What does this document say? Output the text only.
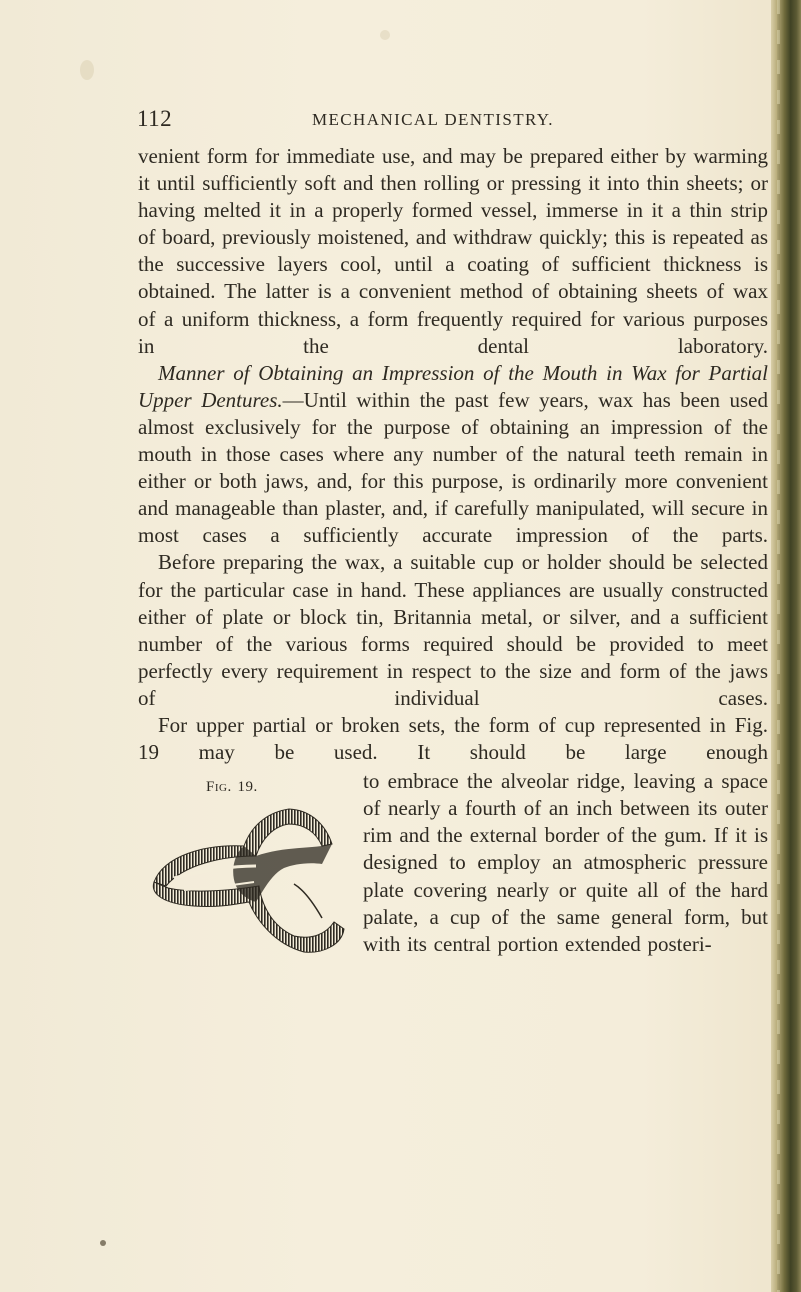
112	MECHANICAL DENTISTRY.

venient form for immediate use, and may be prepared either by warming it until sufficiently soft and then rolling or pressing it into thin sheets; or having melted it in a properly formed vessel, immerse in it a thin strip of board, previously moistened, and withdraw quickly; this is repeated as the successive layers cool, until a coating of sufficient thickness is obtained. The latter is a convenient method of obtaining sheets of wax of a uniform thickness, a form frequently required for various purposes in the dental laboratory.

Manner of Obtaining an Impression of the Mouth in Wax for Partial Upper Dentures.—Until within the past few years, wax has been used almost exclusively for the purpose of obtaining an impression of the mouth in those cases where any number of the natural teeth remain in either or both jaws, and, for this purpose, is ordinarily more convenient and manageable than plaster, and, if carefully manipulated, will secure in most cases a sufficiently accurate impression of the parts.

Before preparing the wax, a suitable cup or holder should be selected for the particular case in hand. These appliances are usually constructed either of plate or block tin, Britannia metal, or silver, and a sufficient number of the various forms required should be provided to meet perfectly every requirement in respect to the size and form of the jaws of individual cases.

For upper partial or broken sets, the form of cup represented in Fig. 19 may be used. It should be large enough

Fig. 19.	to embrace the alveolar ridge, leaving a space of nearly a fourth of an inch between its outer rim and the external border of the gum. If it is designed to employ an atmospheric pressure plate covering nearly or quite all of the hard palate, a cup of the same general form, but with its central portion extended posteri-
